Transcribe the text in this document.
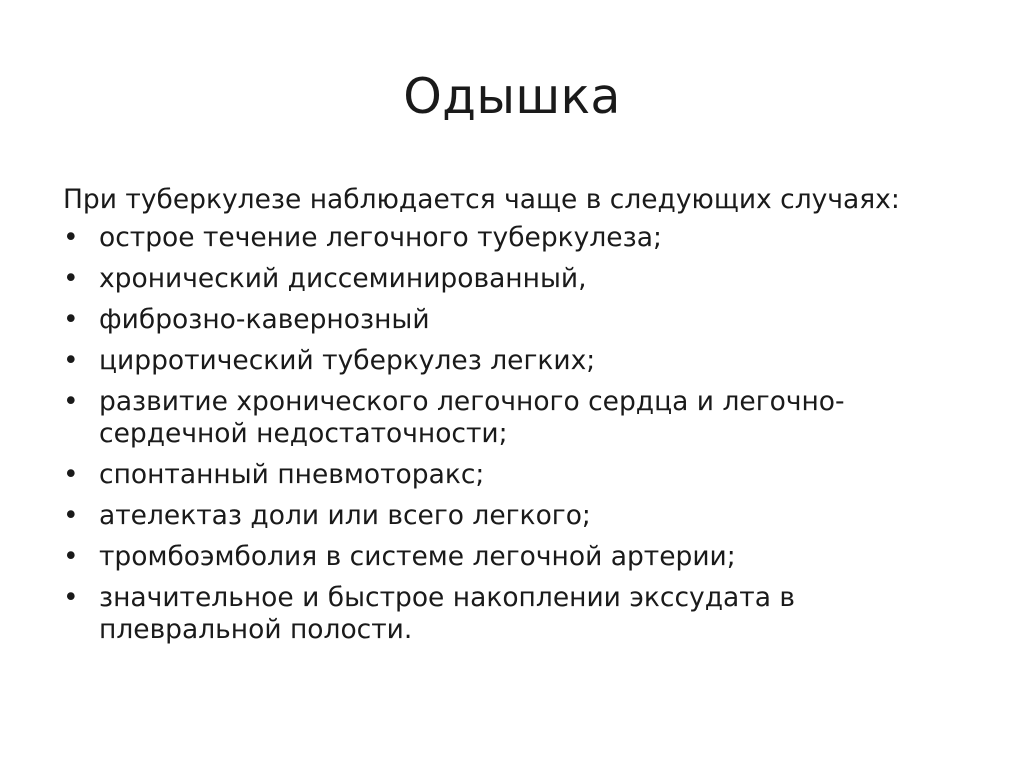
Одышка

При туберкулезе наблюдается чаще в следующих случаях:

• острое течение легочного туберкулеза;
• хронический диссеминированный,
• фиброзно-кавернозный
• цирротический туберкулез легких;
• развитие хронического легочного сердца и легочно-сердечной недостаточности;
• спонтанный пневмоторакс;
• ателектаз доли или всего легкого;
• тромбоэмболия в системе легочной артерии;
• значительное и быстрое накоплении экссудата в плевральной полости.
